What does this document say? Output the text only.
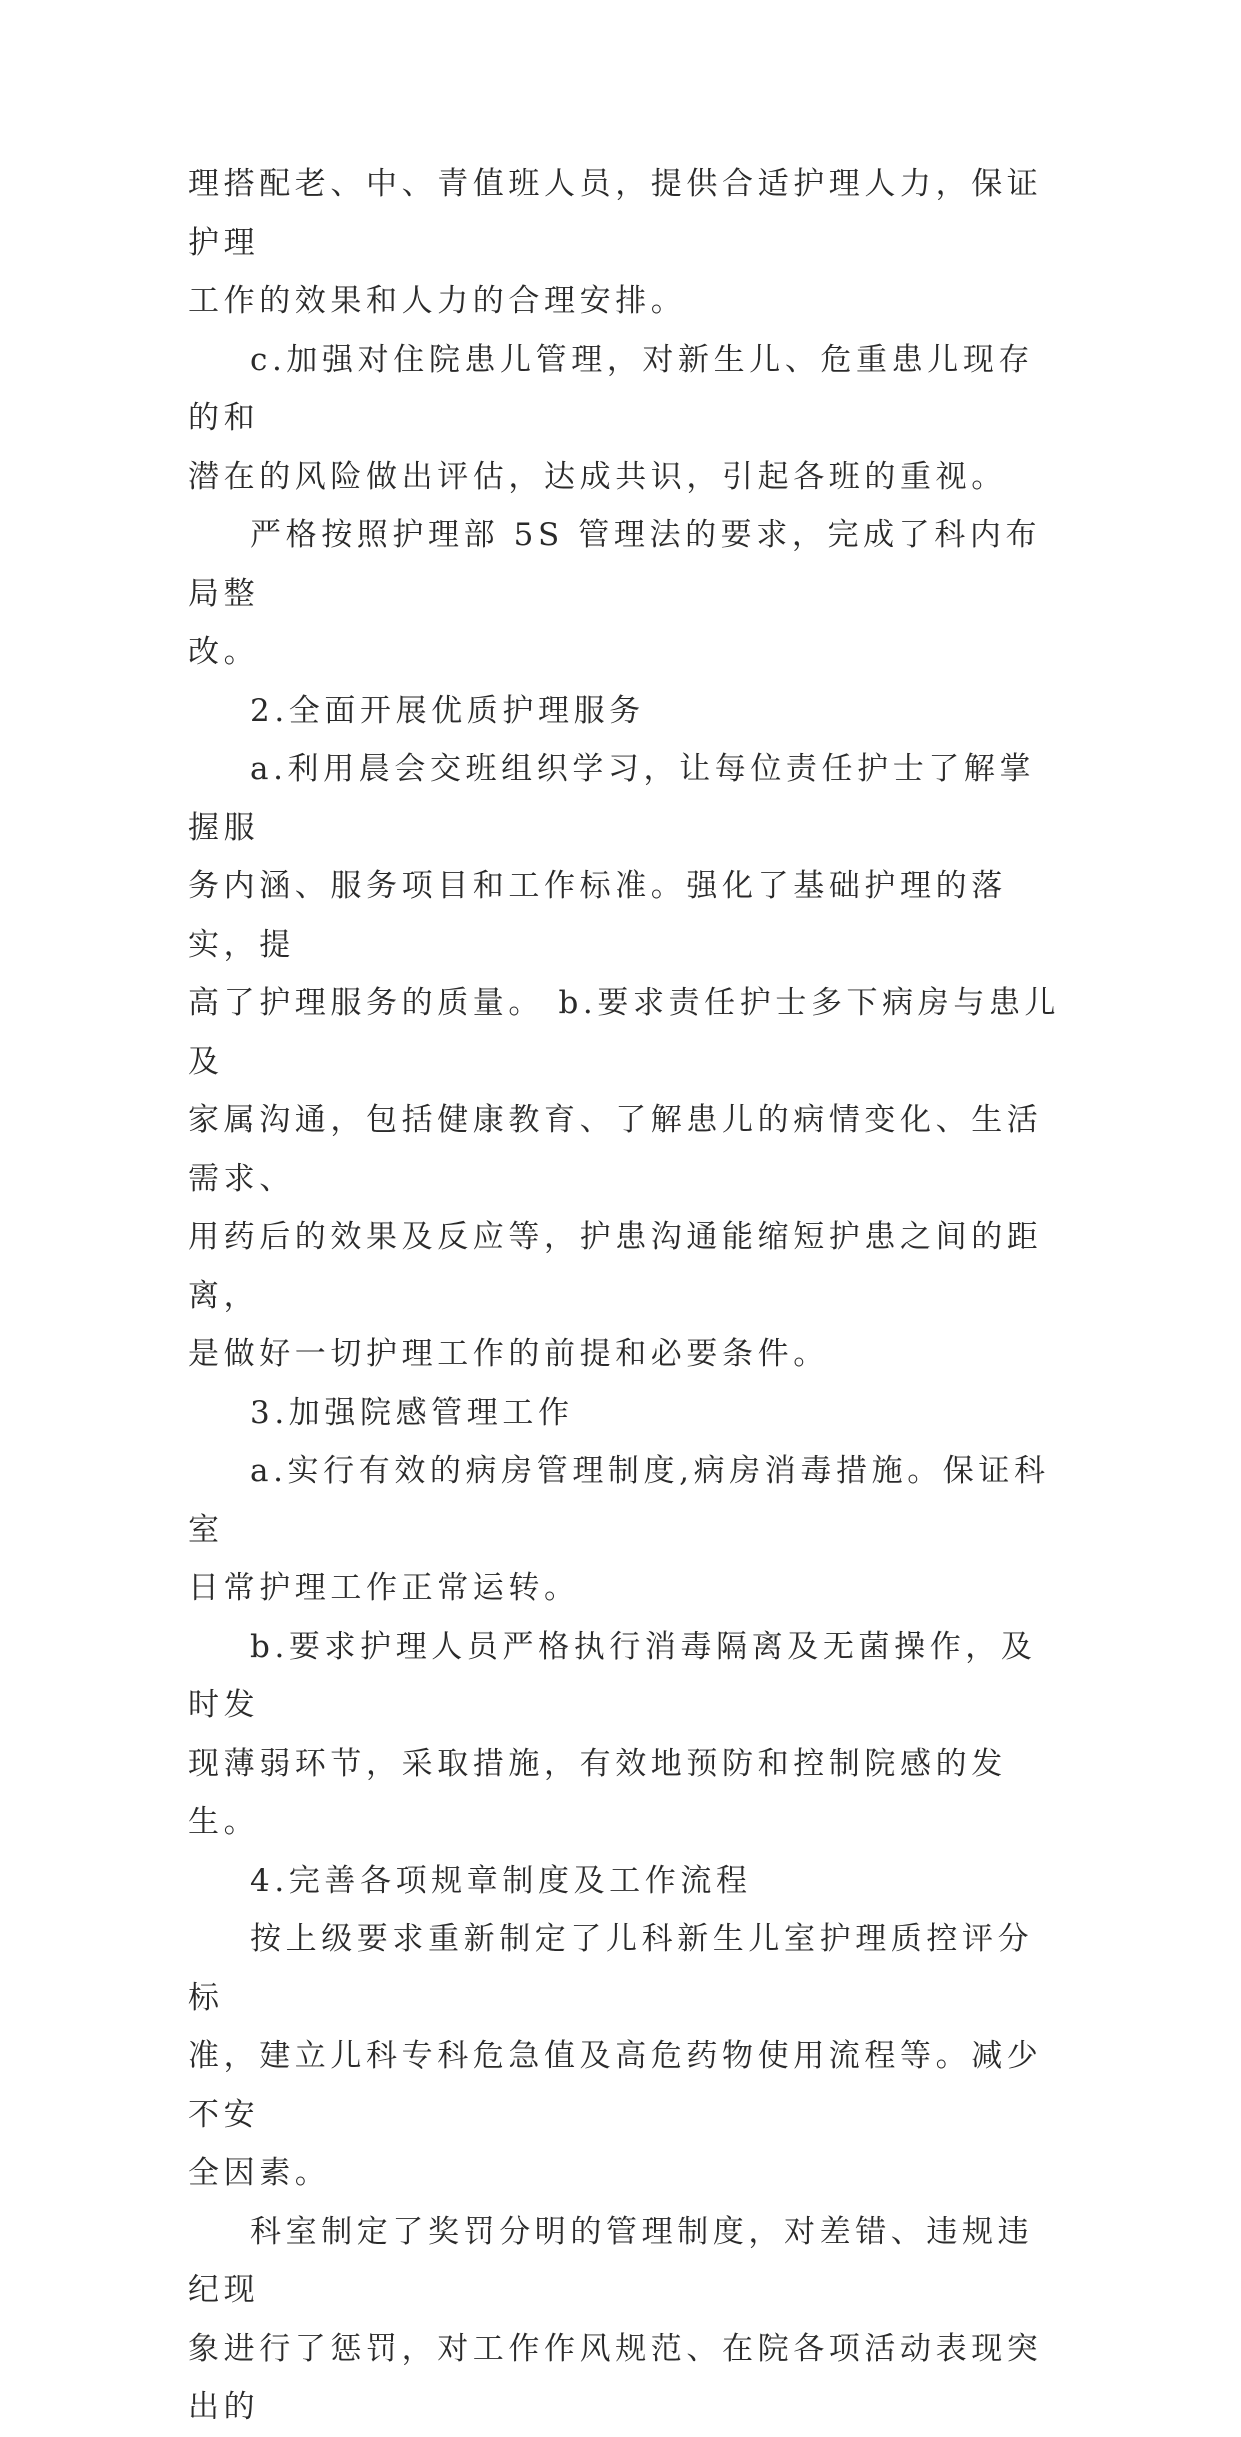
理搭配老、中、青值班人员，提供合适护理人力，保证护理

工作的效果和人力的合理安排。

c.加强对住院患儿管理，对新生儿、危重患儿现存的和

潜在的风险做出评估，达成共识，引起各班的重视。

严格按照护理部 5S 管理法的要求，完成了科内布局整

改。

2.全面开展优质护理服务

a.利用晨会交班组织学习，让每位责任护士了解掌握服

务内涵、服务项目和工作标准。强化了基础护理的落实，提

高了护理服务的质量。 b.要求责任护士多下病房与患儿及

家属沟通，包括健康教育、了解患儿的病情变化、生活需求、

用药后的效果及反应等，护患沟通能缩短护患之间的距离，

是做好一切护理工作的前提和必要条件。

3.加强院感管理工作

a.实行有效的病房管理制度,病房消毒措施。保证科室

日常护理工作正常运转。

b.要求护理人员严格执行消毒隔离及无菌操作，及时发

现薄弱环节，采取措施，有效地预防和控制院感的发生。

4.完善各项规章制度及工作流程

按上级要求重新制定了儿科新生儿室护理质控评分标

准，建立儿科专科危急值及高危药物使用流程等。减少不安

全因素。

科室制定了奖罚分明的管理制度，对差错、违规违纪现

象进行了惩罚，对工作作风规范、在院各项活动表现突出的
